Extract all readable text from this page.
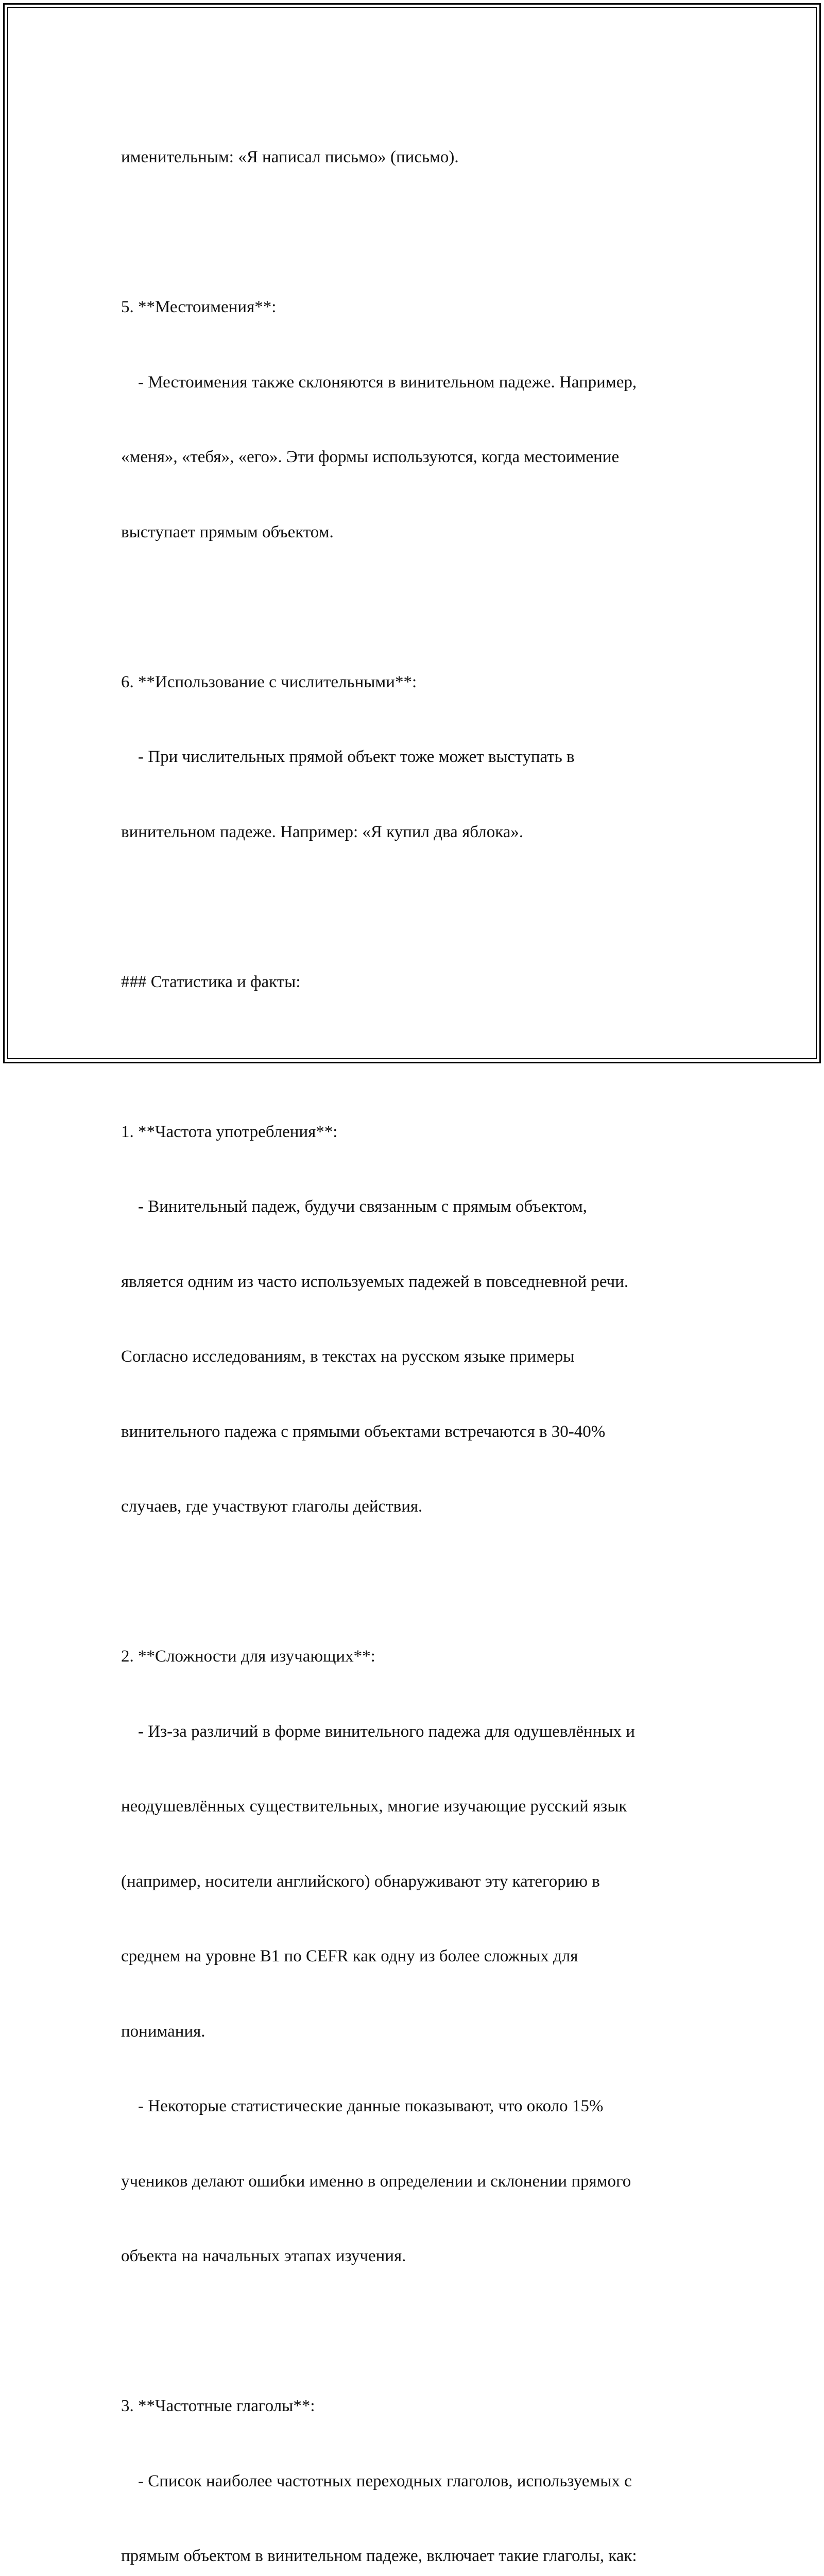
именительным: «Я написал письмо» (письмо).

5. **Местоимения**:

- Местоимения также склоняются в винительном падеже. Например,

«меня», «тебя», «его». Эти формы используются, когда местоимение

выступает прямым объектом.

6. **Использование с числительными**:

- При числительных прямой объект тоже может выступать в

винительном падеже. Например: «Я купил два яблока».

### Статистика и факты:

1. **Частота употребления**:

- Винительный падеж, будучи связанным с прямым объектом,

является одним из часто используемых падежей в повседневной речи.

Согласно исследованиям, в текстах на русском языке примеры

винительного падежа с прямыми объектами встречаются в 30-40%

случаев, где участвуют глаголы действия.

2. **Сложности для изучающих**:

- Из-за различий в форме винительного падежа для одушевлённых и

неодушевлённых существительных, многие изучающие русский язык

(например, носители английского) обнаруживают эту категорию в

среднем на уровне B1 по CEFR как одну из более сложных для

понимания.

- Некоторые статистические данные показывают, что около 15%

учеников делают ошибки именно в определении и склонении прямого

объекта на начальных этапах изучения.

3. **Частотные глаголы**:

- Список наиболее частотных переходных глаголов, используемых с

прямым объектом в винительном падеже, включает такие глаголы, как:
